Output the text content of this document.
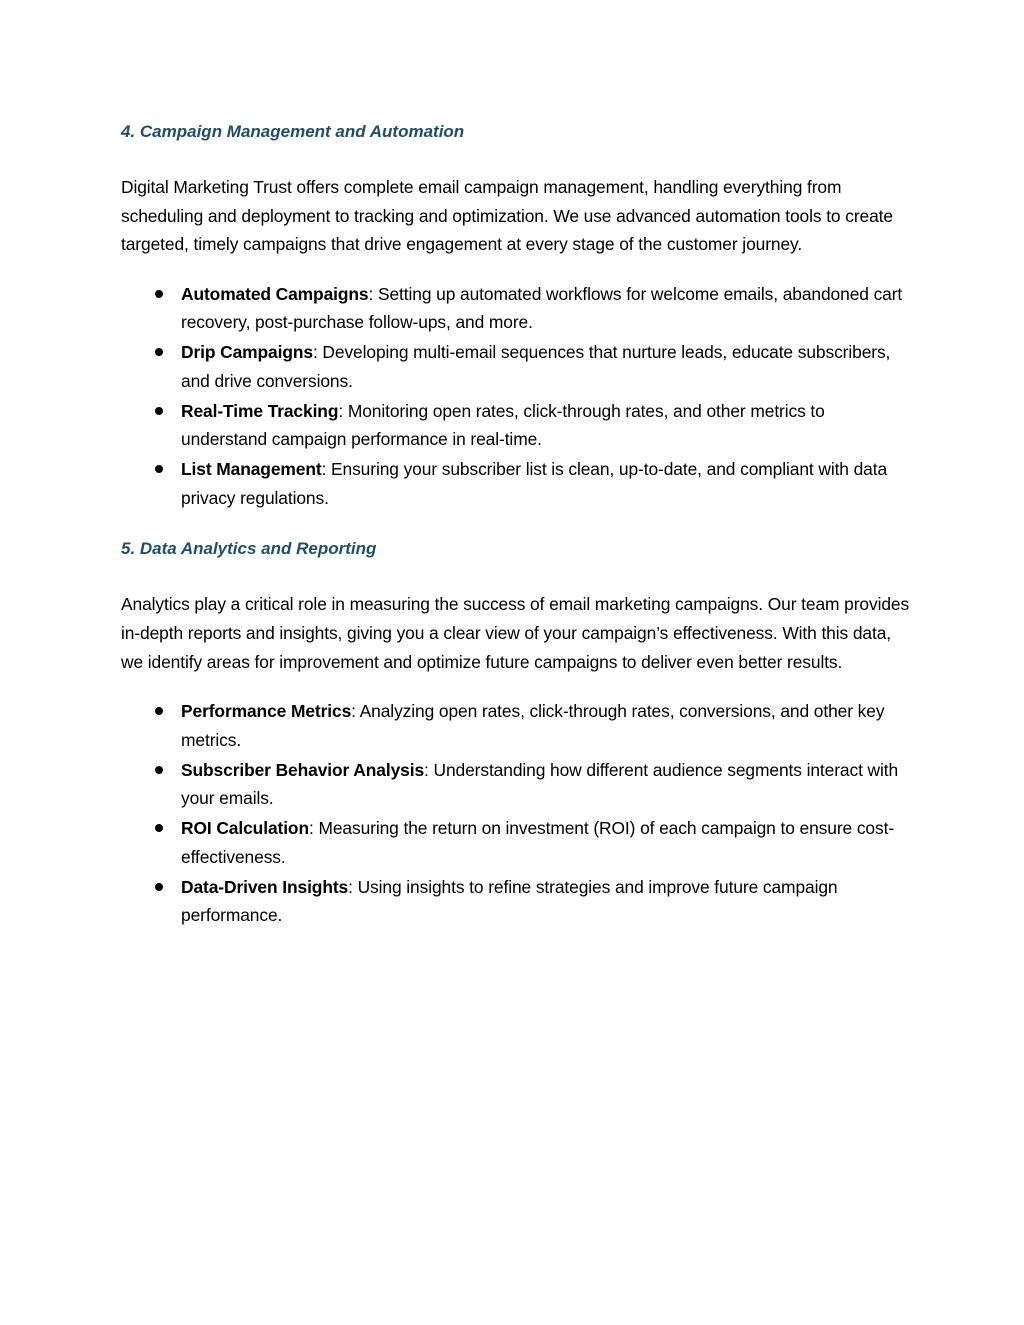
4. Campaign Management and Automation

Digital Marketing Trust offers complete email campaign management, handling everything from scheduling and deployment to tracking and optimization. We use advanced automation tools to create targeted, timely campaigns that drive engagement at every stage of the customer journey.

Automated Campaigns: Setting up automated workflows for welcome emails, abandoned cart recovery, post-purchase follow-ups, and more.
Drip Campaigns: Developing multi-email sequences that nurture leads, educate subscribers, and drive conversions.
Real-Time Tracking: Monitoring open rates, click-through rates, and other metrics to understand campaign performance in real-time.
List Management: Ensuring your subscriber list is clean, up-to-date, and compliant with data privacy regulations.
5. Data Analytics and Reporting

Analytics play a critical role in measuring the success of email marketing campaigns. Our team provides in-depth reports and insights, giving you a clear view of your campaign’s effectiveness. With this data, we identify areas for improvement and optimize future campaigns to deliver even better results.

Performance Metrics: Analyzing open rates, click-through rates, conversions, and other key metrics.
Subscriber Behavior Analysis: Understanding how different audience segments interact with your emails.
ROI Calculation: Measuring the return on investment (ROI) of each campaign to ensure cost-effectiveness.
Data-Driven Insights: Using insights to refine strategies and improve future campaign performance.
